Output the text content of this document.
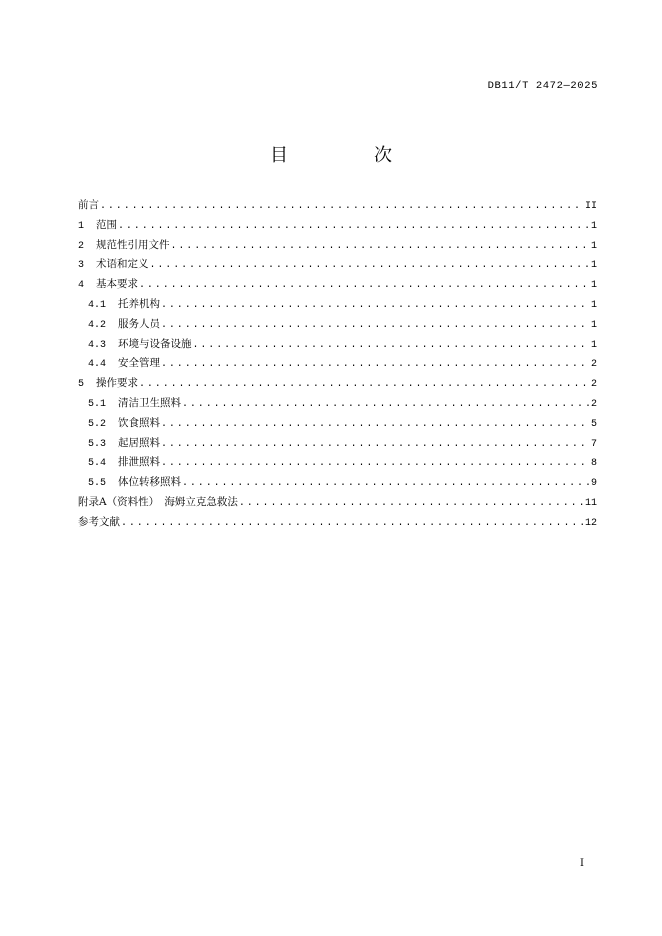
DB11/T 2472—2025
目　次
前言 .....	II
1	范围 .....	1
2	规范性引用文件 .....	1
3	术语和定义 .....	1
4	基本要求 .....	1
4.1	托养机构 .....	1
4.2	服务人员 .....	1
4.3	环境与设备设施 .....	1
4.4	安全管理 .....	2
5	操作要求 .....	2
5.1	清洁卫生照料 .....	2
5.2	饮食照料 .....	5
5.3	起居照料 .....	7
5.4	排泄照料 .....	8
5.5	体位转移照料 .....	9
附录A（资料性）　海姆立克急救法 .....	11
参考文献 .....	12
I
